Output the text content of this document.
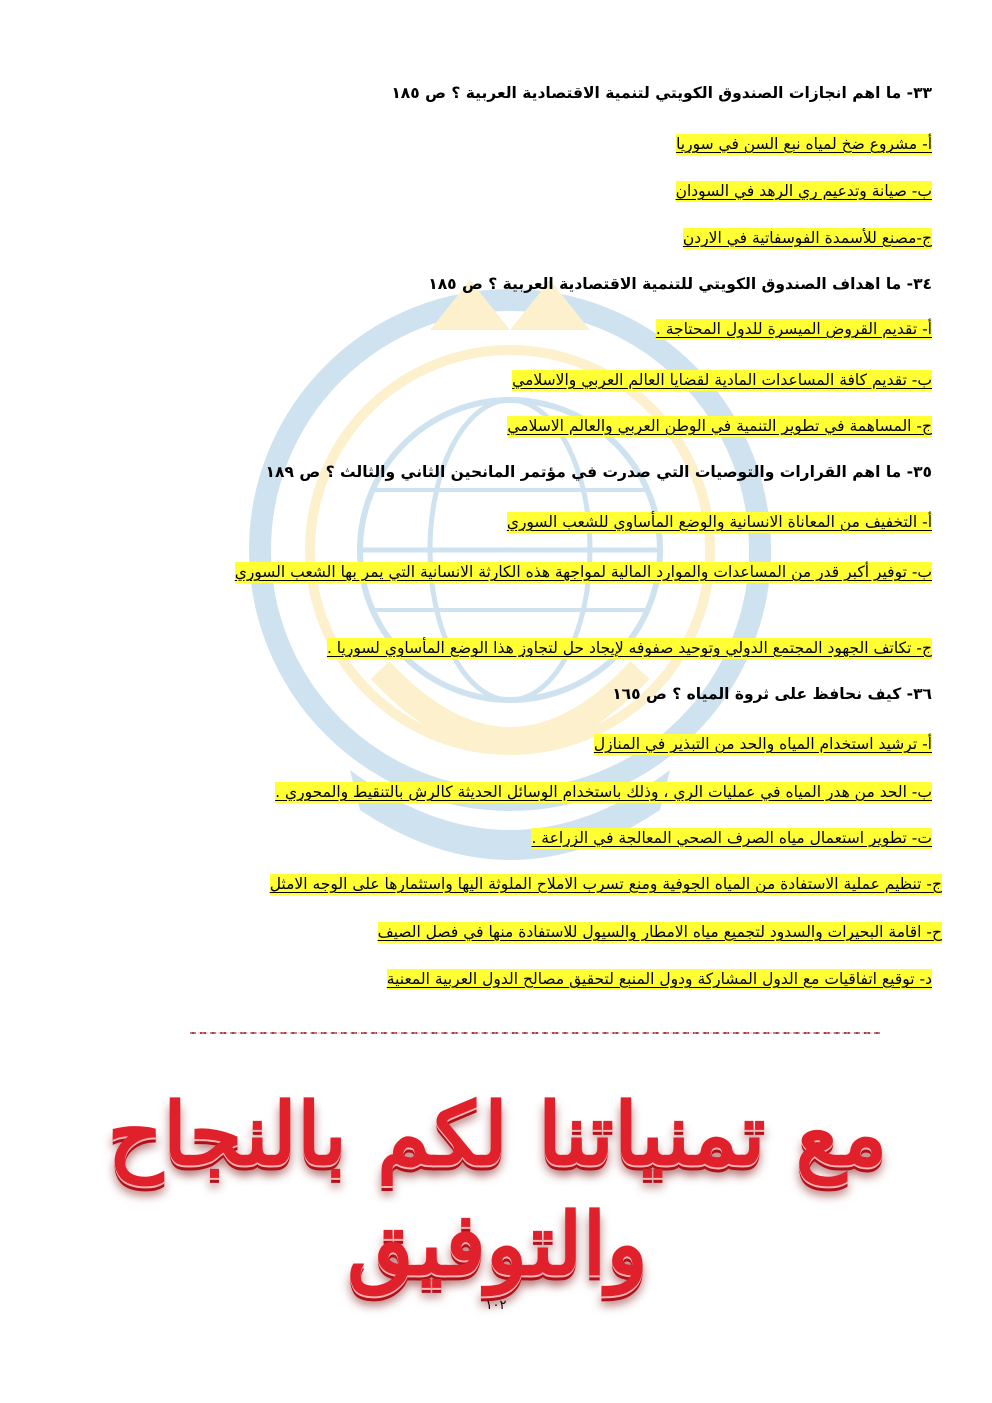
٣٣- ما اهم انجازات الصندوق الكويتي لتنمية الاقتصادية العربية ؟ ص ١٨٥
أ- مشروع ضخ لمياه نبع السن في سوريا
ب- صيانة وتدعيم ري الرهد في السودان
ج-مصنع للأسمدة الفوسفاتية في الاردن
٣٤- ما اهداف الصندوق الكويتي للتنمية الاقتصادية العربية ؟ ص ١٨٥
أ- تقديم القروض الميسرة للدول المحتاجة .
ب- تقديم كافة المساعدات المادية لقضايا العالم العربي والاسلامي
ج- المساهمة في تطوير التنمية في الوطن العربي والعالم الاسلامي
٣٥- ما اهم القرارات والتوصيات التي صدرت في مؤتمر المانحين الثاني والثالث ؟ ص ١٨٩
أ- التخفيف من المعاناة الانسانية والوضع المأساوي للشعب السوري
ب- توفير أكبر قدر من المساعدات والموارد المالية لمواجهة هذه الكارثة الانسانية التي يمر بها الشعب السوري
ج- تكاتف الجهود المجتمع الدولي وتوحيد صفوفه لإيجاد حل لتجاوز هذا الوضع المأساوي لسوريا .
٣٦- كيف نحافظ على ثروة المياه ؟ ص ١٦٥
أ- ترشيد استخدام المياه والحد من التبذير في المنازل
ب- الحد من هدر المياه في عمليات الري ، وذلك باستخدام الوسائل الحديثة كالرش بالتنقيط والمحوري .
ت- تطوير استعمال مياه الصرف الصحي المعالجة في الزراعة .
ج- تنظيم عملية الاستفادة من المياه الجوفية ومنع تسرب الاملاح الملوثة اليها واستثمارها على الوجه الامثل
ح- اقامة البحيرات والسدود لتجميع مياه الامطار والسيول للاستفادة منها في فصل الصيف
د- توقيع اتفاقيات مع الدول المشاركة ودول المنبع لتحقيق مصالح الدول العربية المعنية
مع تمنياتنا لكم بالنجاح والتوفيق
١٠٢
